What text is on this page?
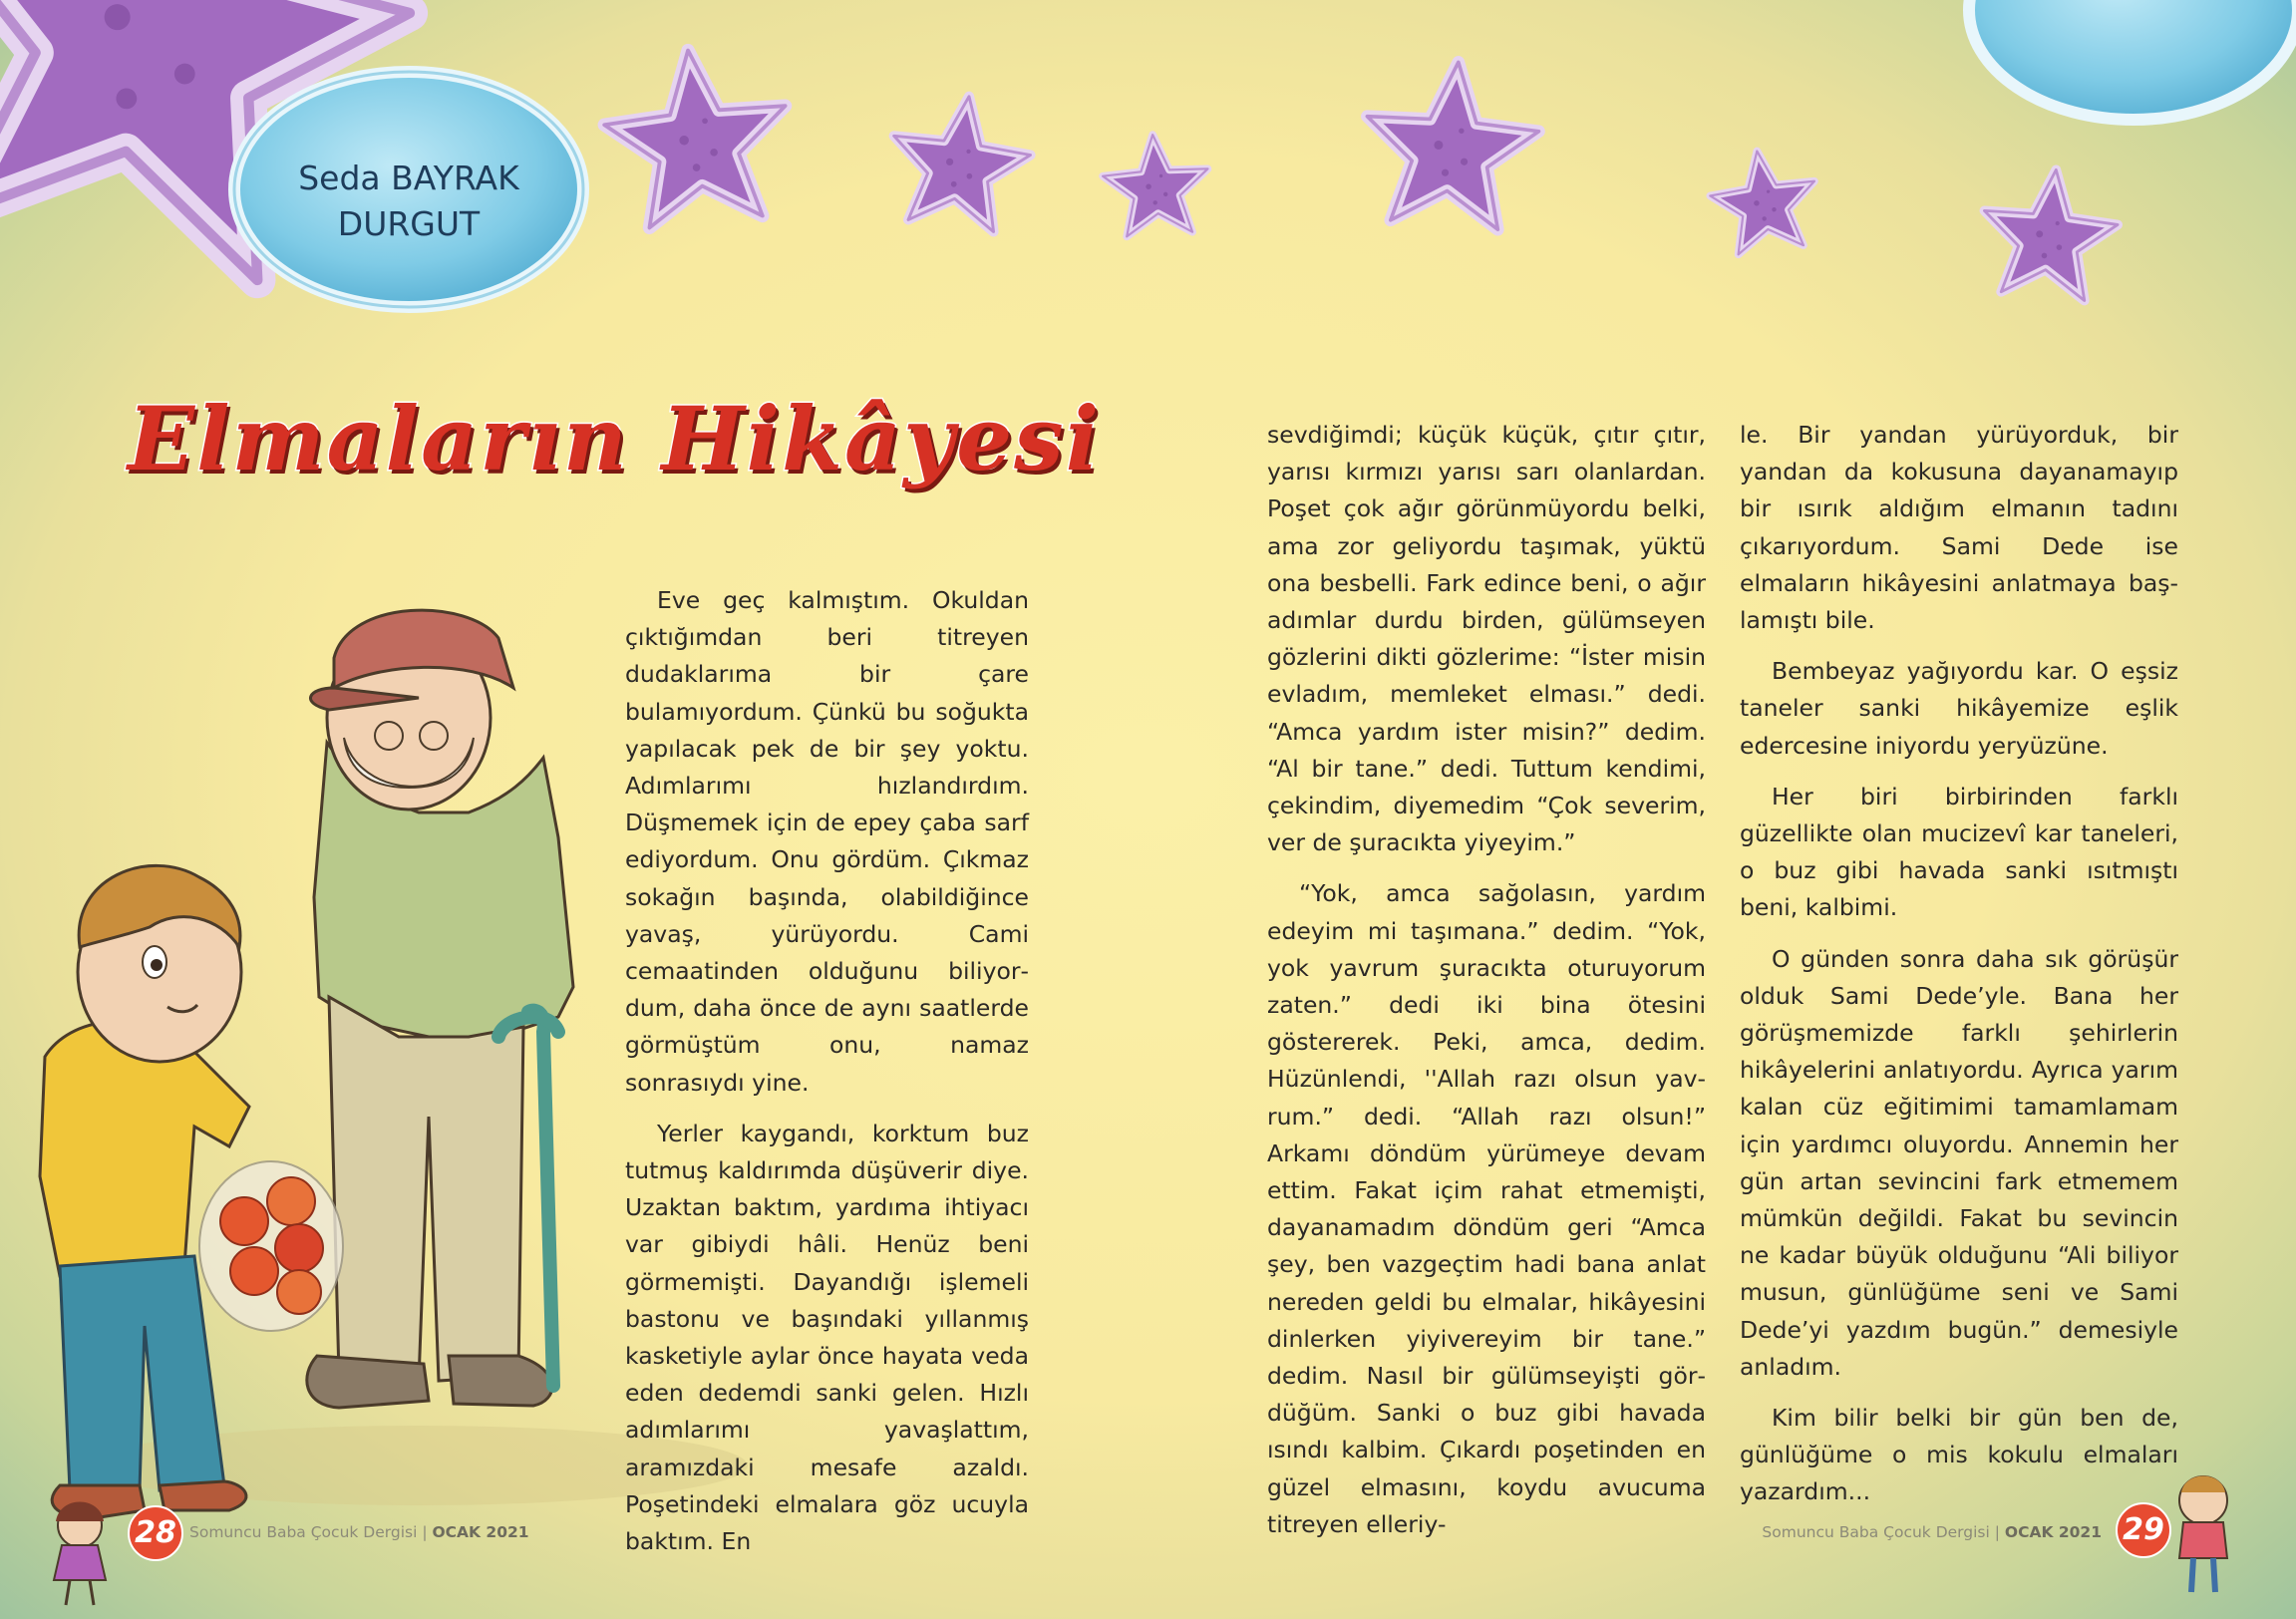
Seda BAYRAK
DURGUT
Elmaların Hikâyesi

Eve geç kalmıştım. Okuldan çıktığımdan beri titreyen dudaklarıma bir çare bulamıyordum. Çünkü bu soğukta yapılacak pek de bir şey yoktu. Adımlarımı hızlandırdım. Düşmemek için de epey çaba sarf ediyordum. Onu gördüm. Çıkmaz sokağın başında, olabildiğince yavaş, yürüyordu. Cami cemaatinden olduğunu biliyordum, daha önce de aynı saatlerde görmüştüm onu, namaz sonrasıydı yine.

Yerler kaygandı, korktum buz tutmuş kaldırımda düşüverir diye. Uzaktan baktım, yardıma ihtiyacı var gibiydi hâli. Henüz beni görmemişti. Dayandığı işlemeli bastonu ve başındaki yıllanmış kasketiyle aylar önce hayata veda eden dedemdi sanki gelen. Hızlı adımlarımı yavaşlattım, aramızdaki mesafe azaldı. Poşetindeki elmalara göz ucuyla baktım. En

sevdiğimdi; küçük küçük, çıtır çıtır, yarısı kırmızı yarısı sarı olanlardan. Poşet çok ağır görünmüyordu belki, ama zor geliyordu taşımak, yüktü ona besbelli. Fark edince beni, o ağır adımlar durdu birden, gülümseyen gözlerini dikti gözlerime: “İster misin evladım, memleket elması.” dedi. “Amca yardım ister misin?” dedim. “Al bir tane.” dedi. Tuttum kendimi, çekindim, diyemedim “Çok severim, ver de şuracıkta yiyeyim.”

“Yok, amca sağolasın, yardım edeyim mi taşımana.” dedim. “Yok, yok yavrum şuracıkta oturuyorum zaten.” dedi iki bina ötesini göstererek. Peki, amca, dedim. Hüzünlendi, ''Allah razı olsun yavrum.” dedi. “Allah razı olsun!” Arkamı döndüm yürümeye devam ettim. Fakat içim rahat etmemişti, dayanamadım döndüm geri “Amca şey, ben vazgeçtim hadi bana anlat nereden geldi bu elmalar, hikâyesini dinlerken yiyivereyim bir tane.” dedim. Nasıl bir gülümseyişti gördüğüm. Sanki o buz gibi havada ısındı kalbim. Çıkardı poşetinden en güzel elmasını, koydu avucuma titreyen elleriy-

le. Bir yandan yürüyorduk, bir yandan da kokusuna dayanamayıp bir ısırık aldığım elmanın tadını çıkarıyordum. Sami Dede ise elmaların hikâyesini anlatmaya başlamıştı bile.

Bembeyaz yağıyordu kar. O eşsiz taneler sanki hikâyemize eşlik edercesine iniyordu yeryüzüne.

Her biri birbirinden farklı güzellikte olan mucizevî kar taneleri, o buz gibi havada sanki ısıtmıştı beni, kalbimi.

O günden sonra daha sık görüşür olduk Sami Dede’yle. Bana her görüşmemizde farklı şehirlerin hikâyelerini anlatıyordu. Ayrıca yarım kalan cüz eğitimimi tamamlamam için yardımcı oluyordu. Annemin her gün artan sevincini fark etmemem mümkün değildi. Fakat bu sevincin ne kadar büyük olduğunu “Ali biliyor musun, günlüğüme seni ve Sami Dede’yi yazdım bugün.” demesiyle anladım.

Kim bilir belki bir gün ben de, günlüğüme o mis kokulu elmaları yazardım...

28 Somuncu Baba Çocuk Dergisi | OCAK 2021	Somuncu Baba Çocuk Dergisi | OCAK 2021 29
